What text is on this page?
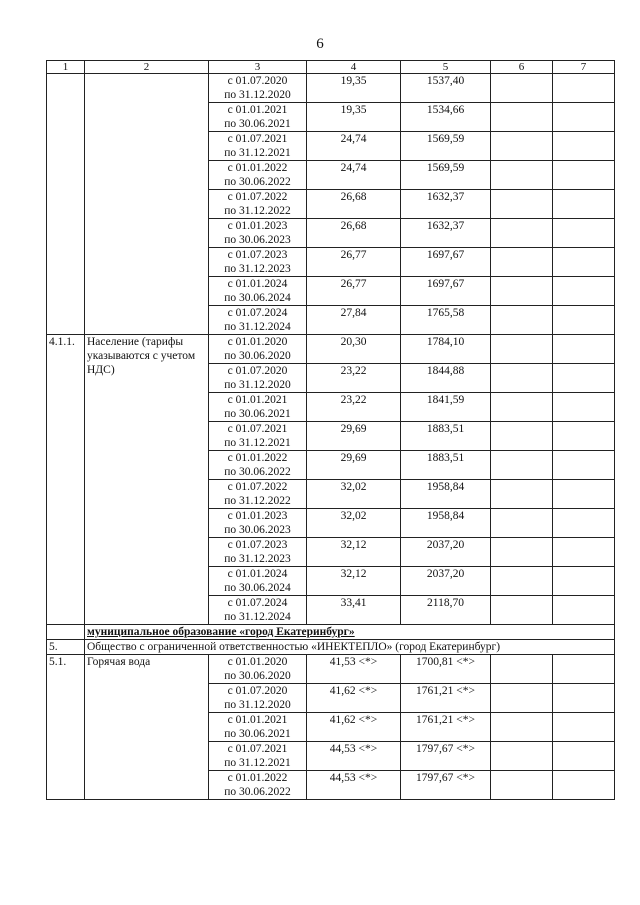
6
1	2	3	4	5	6	7

		с 01.07.2020
по 31.12.2020	19,35	1537,40		

		с 01.01.2021
по 30.06.2021	19,35	1534,66		

		с 01.07.2021
по 31.12.2021	24,74	1569,59		

		с 01.01.2022
по 30.06.2022	24,74	1569,59		

		с 01.07.2022
по 31.12.2022	26,68	1632,37		

		с 01.01.2023
по 30.06.2023	26,68	1632,37		

		с 01.07.2023
по 31.12.2023	26,77	1697,67		

		с 01.01.2024
по 30.06.2024	26,77	1697,67		

		с 01.07.2024
по 31.12.2024	27,84	1765,58		
4.1.1.	Население (тарифы указываются с учетом НДС)	с 01.01.2020
по 30.06.2020	20,30	1784,10		

		с 01.07.2020
по 31.12.2020	23,22	1844,88		

		с 01.01.2021
по 30.06.2021	23,22	1841,59		

		с 01.07.2021
по 31.12.2021	29,69	1883,51		

		с 01.01.2022
по 30.06.2022	29,69	1883,51		

		с 01.07.2022
по 31.12.2022	32,02	1958,84		

		с 01.01.2023
по 30.06.2023	32,02	1958,84		

		с 01.07.2023
по 31.12.2023	32,12	2037,20		

		с 01.01.2024
по 30.06.2024	32,12	2037,20		

		с 01.07.2024
по 31.12.2024	33,41	2118,70		
	муниципальное образование «город Екатеринбург»					
5.	Общество с ограниченной ответственностью «ИНЕКТЕПЛО» (город Екатеринбург)					
5.1.	Горячая вода	с 01.01.2020
по 30.06.2020	41,53 <*>	1700,81 <*>		

		с 01.07.2020
по 31.12.2020	41,62 <*>	1761,21 <*>		

		с 01.01.2021
по 30.06.2021	41,62 <*>	1761,21 <*>		

		с 01.07.2021
по 31.12.2021	44,53 <*>	1797,67 <*>		

		с 01.01.2022
по 30.06.2022	44,53 <*>	1797,67 <*>		
